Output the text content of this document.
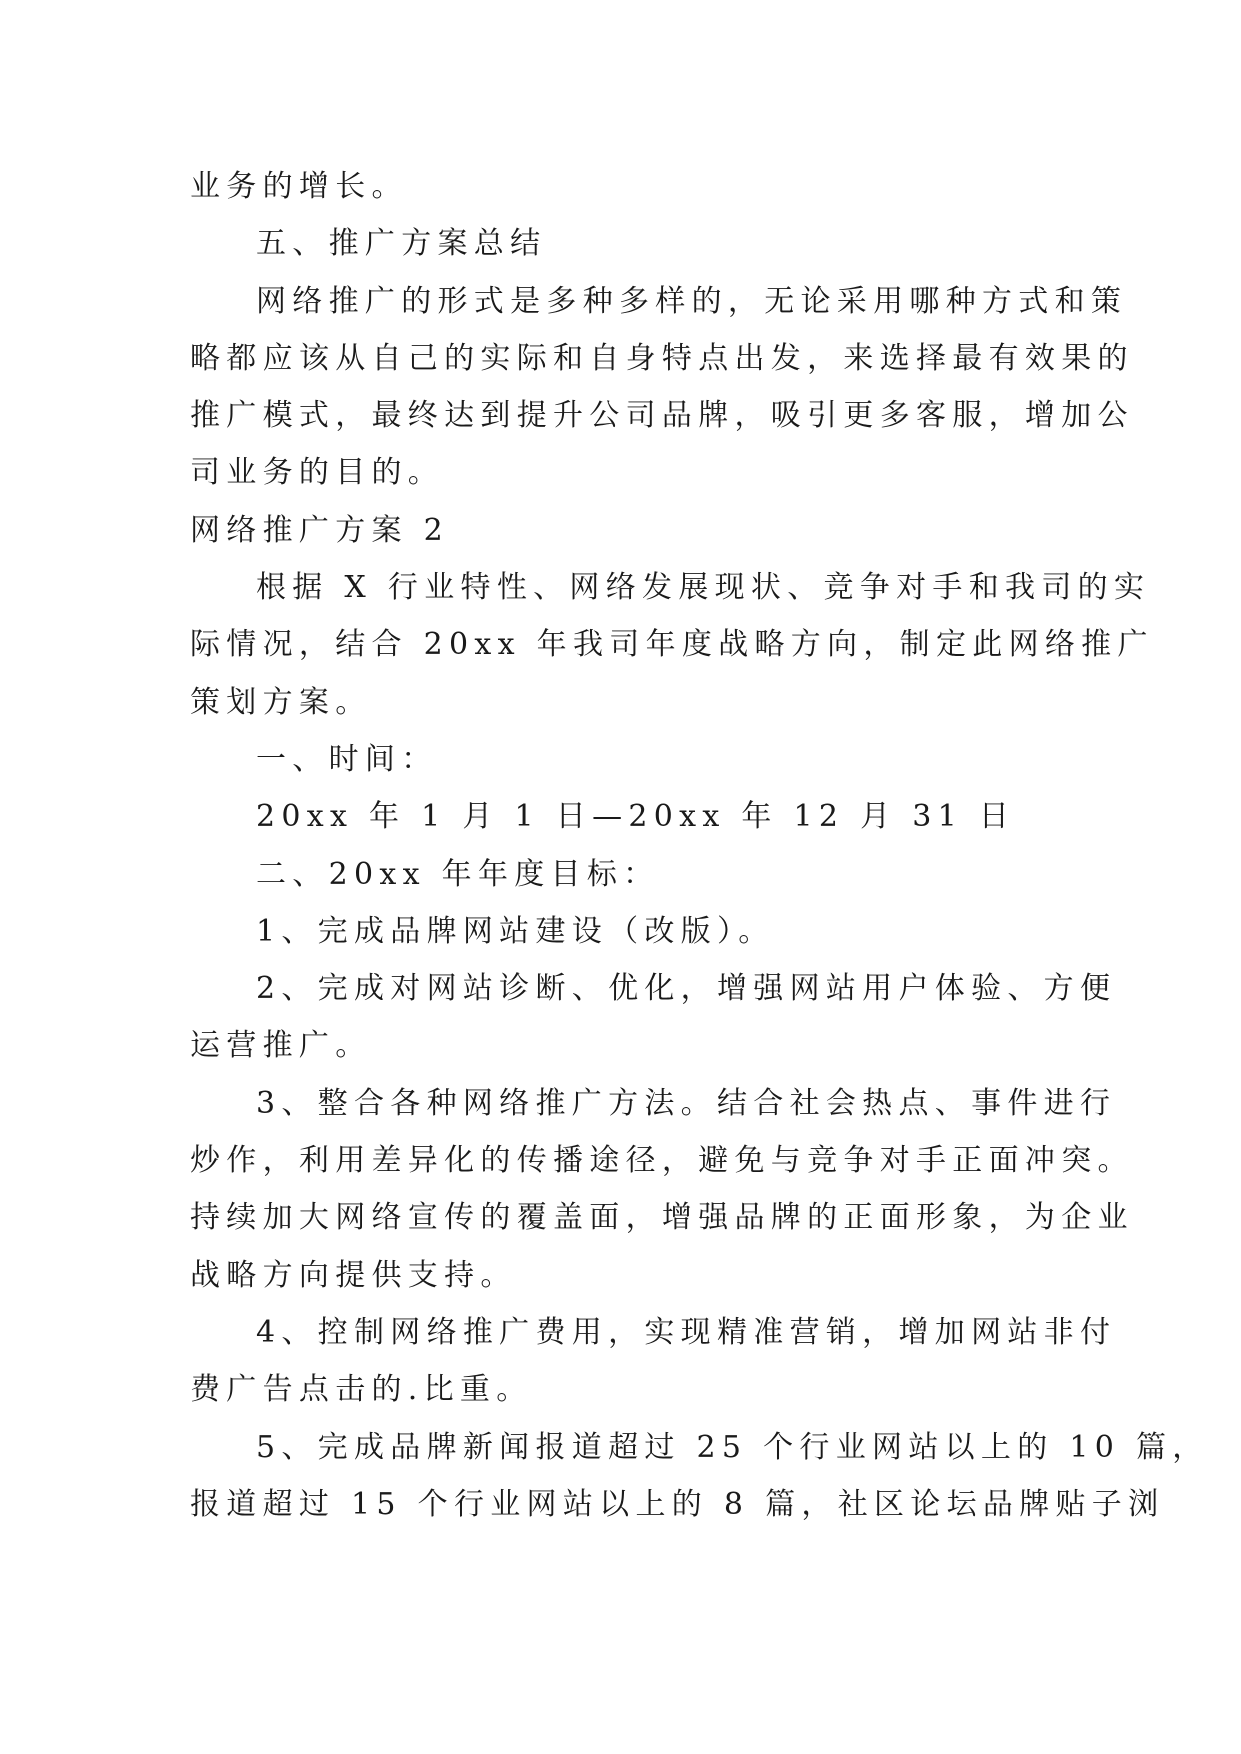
业务的增长。
五、推广方案总结
网络推广的形式是多种多样的，无论采用哪种方式和策
略都应该从自己的实际和自身特点出发，来选择最有效果的
推广模式，最终达到提升公司品牌，吸引更多客服，增加公
司业务的目的。
网络推广方案 2
根据 X 行业特性、网络发展现状、竞争对手和我司的实
际情况，结合 20xx 年我司年度战略方向，制定此网络推广
策划方案。
一、时间：
20xx 年 1 月 1 日—20xx 年 12 月 31 日
二、20xx 年年度目标：
1、完成品牌网站建设（改版）。
2、完成对网站诊断、优化，增强网站用户体验、方便
运营推广。
3、整合各种网络推广方法。结合社会热点、事件进行
炒作，利用差异化的传播途径，避免与竞争对手正面冲突。
持续加大网络宣传的覆盖面，增强品牌的正面形象，为企业
战略方向提供支持。
4、控制网络推广费用，实现精准营销，增加网站非付
费广告点击的.比重。
5、完成品牌新闻报道超过 25 个行业网站以上的 10 篇，
报道超过 15 个行业网站以上的 8 篇，社区论坛品牌贴子浏
